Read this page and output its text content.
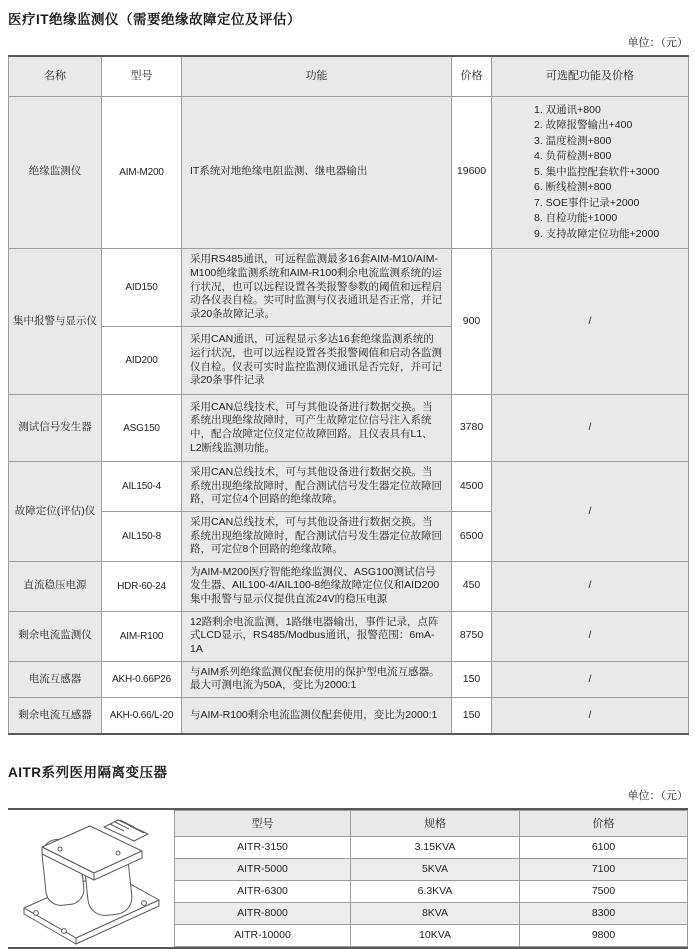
医疗IT绝缘监测仪（需要绝缘故障定位及评估）
单位：（元）
名称	型号	功能	价格	可选配功能及价格
绝缘监测仪	AIM-M200	IT系统对地绝缘电阻监测、继电器输出	19600	
1. 双通讯+800
2. 故障报警输出+400
3. 温度检测+800
4. 负荷检测+800
5. 集中监控配套软件+3000
6. 断线检测+800
7. SOE事件记录+2000
8. 自检功能+1000
9. 支持故障定位功能+2000

集中报警与显示仪	AID150	采用RS485通讯，可远程监测最多16套AIM-M10/AIM-M100绝缘监测系统和AIM-R100剩余电流监测系统的运行状况，也可以远程设置各类报警参数的阈值和远程启动各仪表自检。实可时监测与仪表通讯是否正常，并记录20条故障记录。	900	/
	AID200	采用CAN通讯，可远程显示多达16套绝缘监测系统的运行状况，也可以远程设置各类报警阈值和启动各监测仪自检。仪表可实时监控监测仪通讯是否完好，并可记录20条事件记录		
测试信号发生器	ASG150	采用CAN总线技术，可与其他设备进行数据交换。当系统出现绝缘故障时，可产生故障定位信号注入系统中，配合故障定位仪定位故障回路。且仪表具有L1、L2断线监测功能。	3780	/
故障定位(评估)仪	AIL150-4	采用CAN总线技术，可与其他设备进行数据交换。当系统出现绝缘故障时，配合测试信号发生器定位故障回路，可定位4个回路的绝缘故障。	4500	/
	AIL150-8	采用CAN总线技术，可与其他设备进行数据交换。当系统出现绝缘故障时，配合测试信号发生器定位故障回路，可定位8个回路的绝缘故障。	6500	
直流稳压电源	HDR-60-24	为AIM-M200医疗智能绝缘监测仪、ASG100测试信号发生器、AIL100-4/AIL100-8绝缘故障定位仪和AID200集中报警与显示仪提供直流24V的稳压电源	450	/
剩余电流监测仪	AIM-R100	12路剩余电流监测，1路继电器输出，事件记录，点阵式LCD显示，RS485/Modbus通讯，报警范围：6mA-1A	8750	/
电流互感器	AKH-0.66P26	与AIM系列绝缘监测仪配套使用的保护型电流互感器。最大可测电流为50A，变比为2000:1	150	/
剩余电流互感器	AKH-0.66/L-20	与AIM-R100剩余电流监测仪配套使用，变比为2000:1	150	/
AITR系列医用隔离变压器
单位：（元）
型号	规格	价格
AITR-3150	3.15KVA	6100
AITR-5000	5KVA	7100
AITR-6300	6.3KVA	7500
AITR-8000	8KVA	8300
AITR-10000	10KVA	9800
